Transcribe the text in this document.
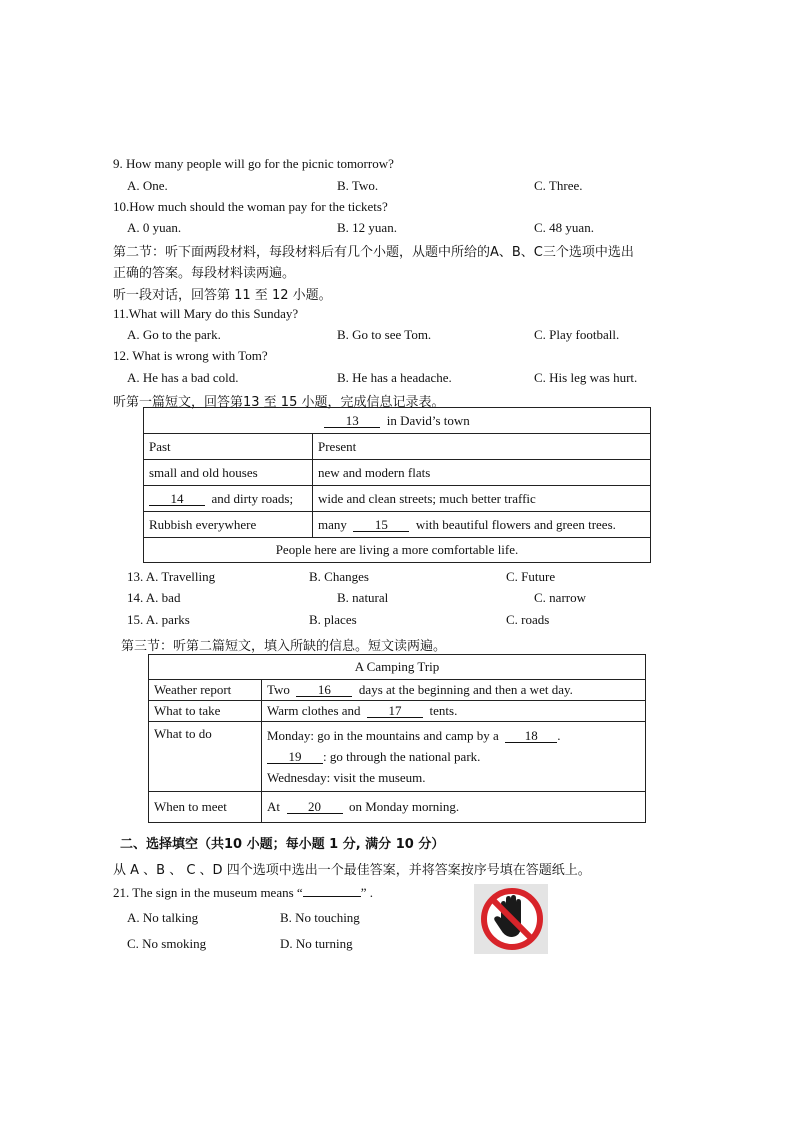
9. How many people will go for the picnic tomorrow?
A. One.	B. Two.	C. Three.
10.How much should the woman pay for the tickets?
A. 0 yuan.	B. 12 yuan.	C. 48 yuan.
第二节：听下面两段材料，每段材料后有几个小题，从题中所给的A、B、C三个选项中选出
正确的答案。每段材料读两遍。
听一段对话，回答第 11 至 12 小题。
11.What will Mary do this Sunday?
A. Go to the park.	B. Go to see Tom.	C. Play football.
12. What is wrong with Tom?
A. He has a bad cold.	B. He has a headache.	C. His leg was hurt.
听第一篇短文，回答第13 至 15 小题，完成信息记录表。
13 in David’s town	
Past	Present
small and old houses	new and modern flats
14 and dirty roads;	wide and clean streets; much better traffic
Rubbish everywhere	many 15 with beautiful flowers and green trees.
People here are living a more comfortable life.	
13. A. Travelling	B. Changes	C. Future
14. A. bad	B. natural	C. narrow
15. A. parks	B. places	C. roads
第三节：听第二篇短文，填入所缺的信息。短文读两遍。
A Camping Trip	
Weather report	Two 16 days at the beginning and then a wet day.
What to take	Warm clothes and 17 tents.
What to do	Monday: go in the mountains and camp by a 18 .
19 : go through the national park.
Wednesday: visit the museum.

When to meet	At 20 on Monday morning.
二、选择填空（共10 小题；每小题 1 分, 满分 10 分）
从 A 、B 、 C 、D 四个选项中选出一个最佳答案，并将答案按序号填在答题纸上。
21. The sign in the museum means “	” .
A. No talking	B. No touching
C. No smoking	D. No turning
